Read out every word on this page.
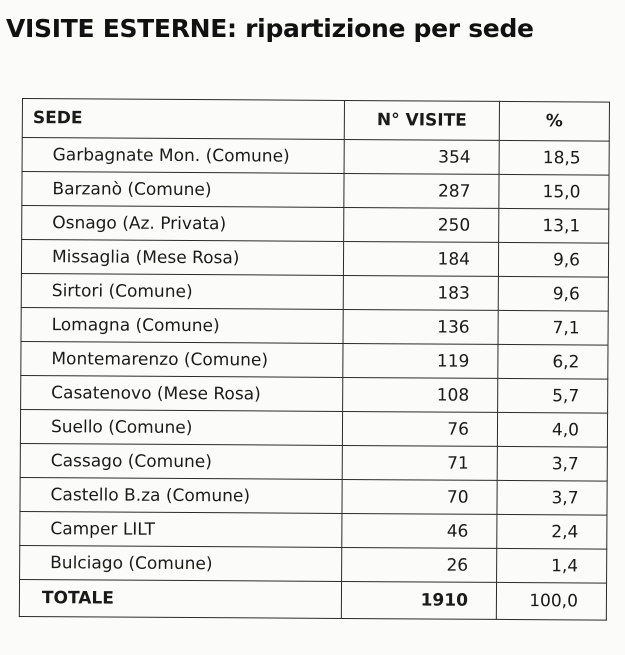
VISITE ESTERNE: ripartizione per sede
SEDE	N° VISITE	%
Garbagnate Mon. (Comune)	354	18,5
Barzanò (Comune)	287	15,0
Osnago (Az. Privata)	250	13,1
Missaglia (Mese Rosa)	184	9,6
Sirtori (Comune)	183	9,6
Lomagna (Comune)	136	7,1
Montemarenzo (Comune)	119	6,2
Casatenovo (Mese Rosa)	108	5,7
Suello (Comune)	76	4,0
Cassago (Comune)	71	3,7
Castello B.za (Comune)	70	3,7
Camper LILT	46	2,4
Bulciago (Comune)	26	1,4
TOTALE	1910	100,0
